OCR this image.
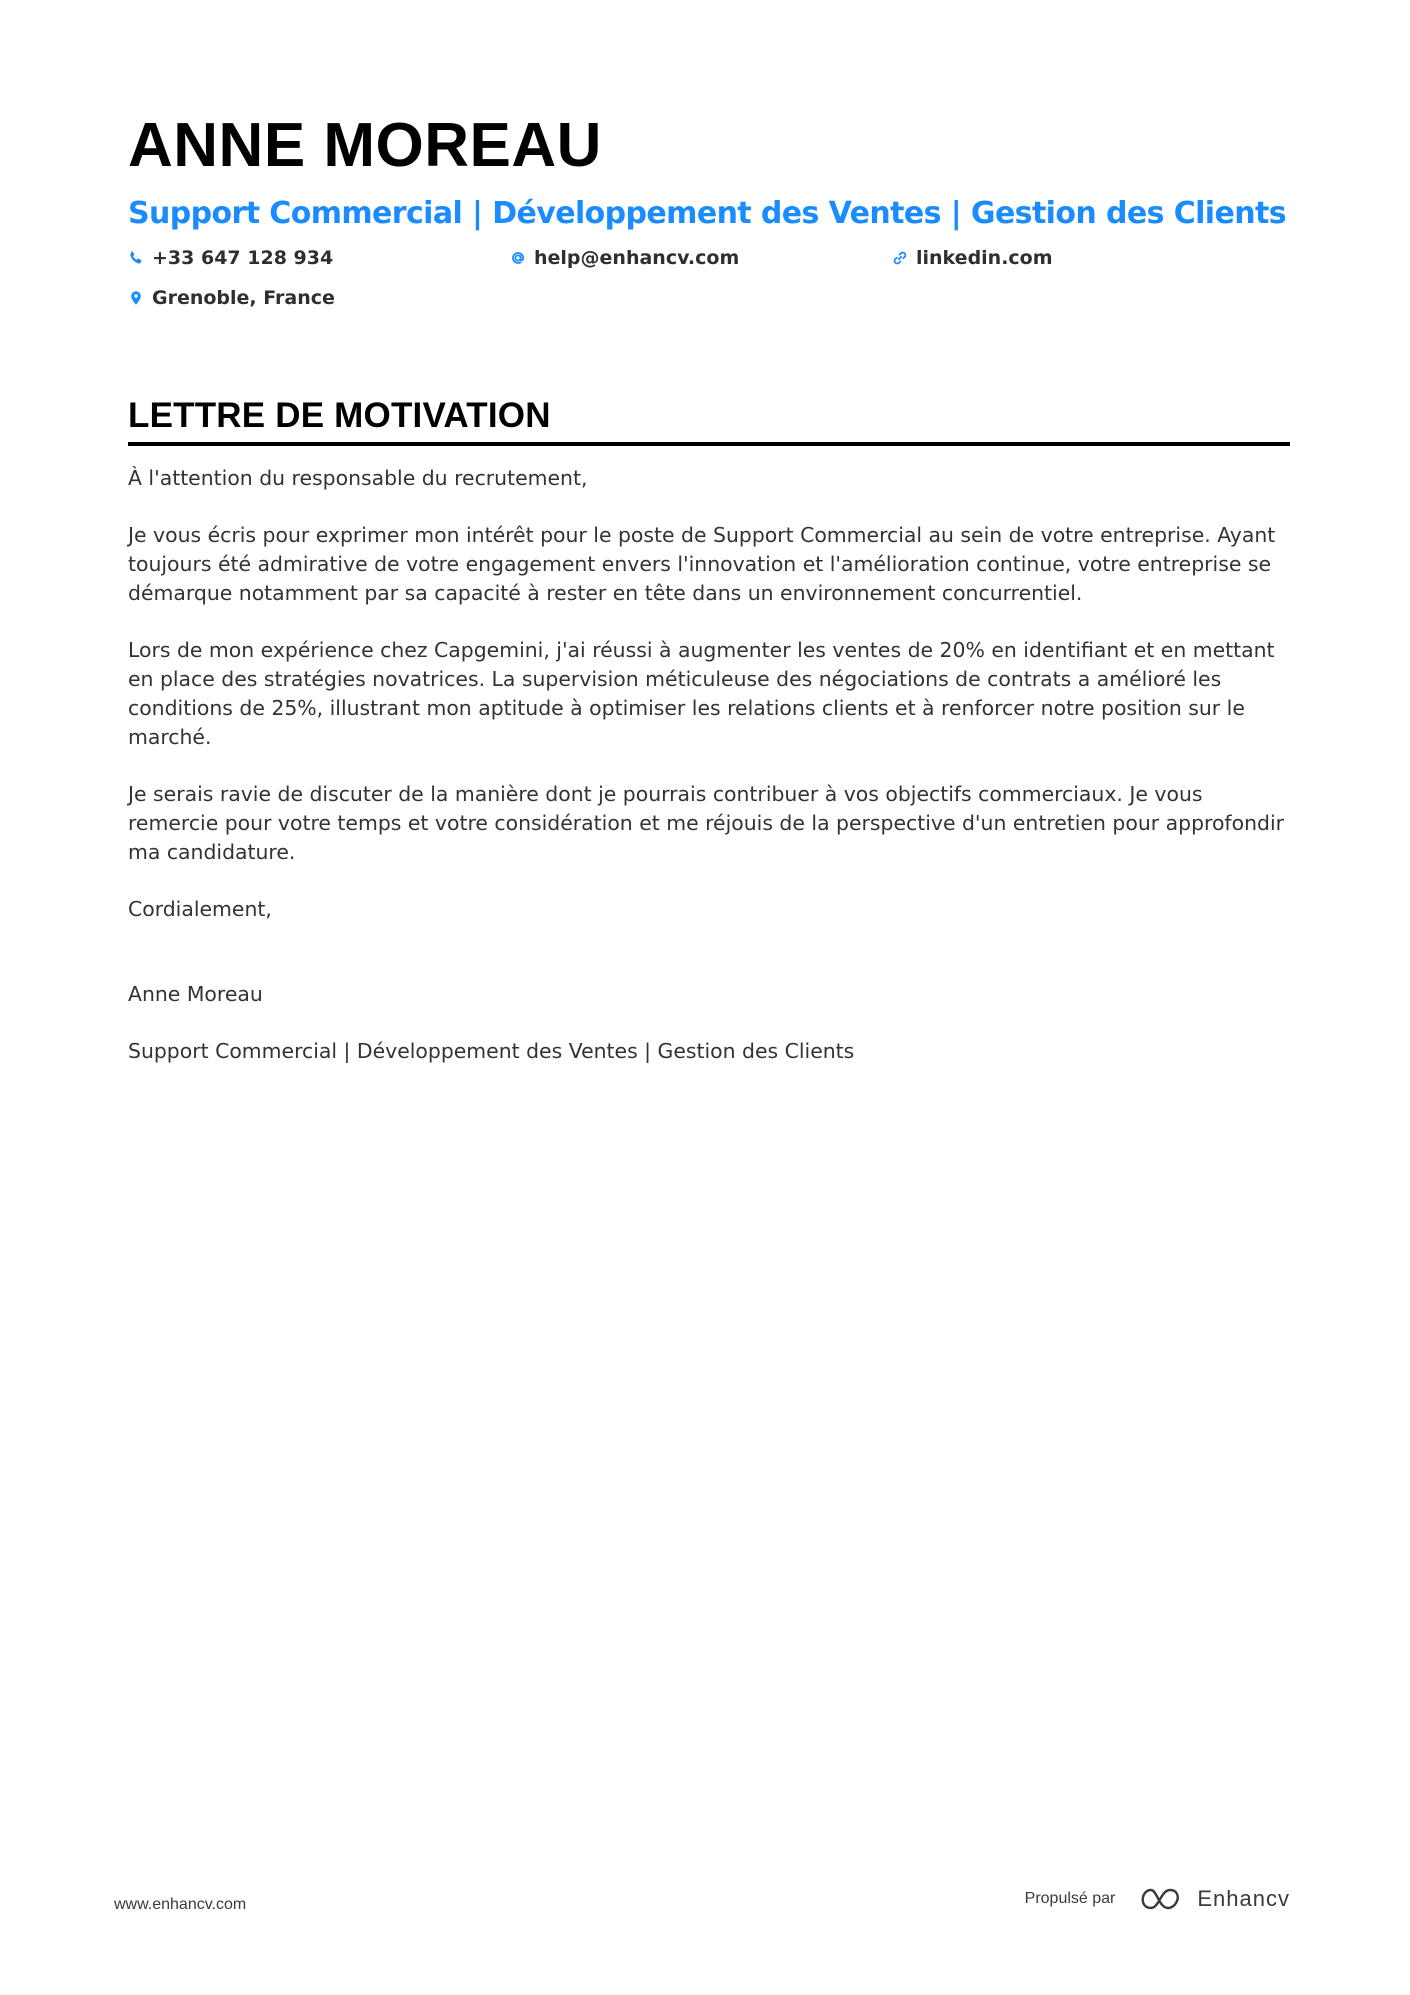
ANNE MOREAU
Support Commercial | Développement des Ventes | Gestion des Clients
+33 647 128 934	help@enhancv.com	linkedin.com
Grenoble, France
LETTRE DE MOTIVATION

À l'attention du responsable du recrutement,

Je vous écris pour exprimer mon intérêt pour le poste de Support Commercial au sein de votre entreprise. Ayant toujours été admirative de votre engagement envers l'innovation et l'amélioration continue, votre entreprise se démarque notamment par sa capacité à rester en tête dans un environnement concurrentiel.

Lors de mon expérience chez Capgemini, j'ai réussi à augmenter les ventes de 20% en identifiant et en mettant en place des stratégies novatrices. La supervision méticuleuse des négociations de contrats a amélioré les conditions de 25%, illustrant mon aptitude à optimiser les relations clients et à renforcer notre position sur le marché.

Je serais ravie de discuter de la manière dont je pourrais contribuer à vos objectifs commerciaux. Je vous remercie pour votre temps et votre considération et me réjouis de la perspective d'un entretien pour approfondir ma candidature.

Cordialement,

Anne Moreau

Support Commercial | Développement des Ventes | Gestion des Clients

www.enhancv.com	Propulsé par	Enhancv
